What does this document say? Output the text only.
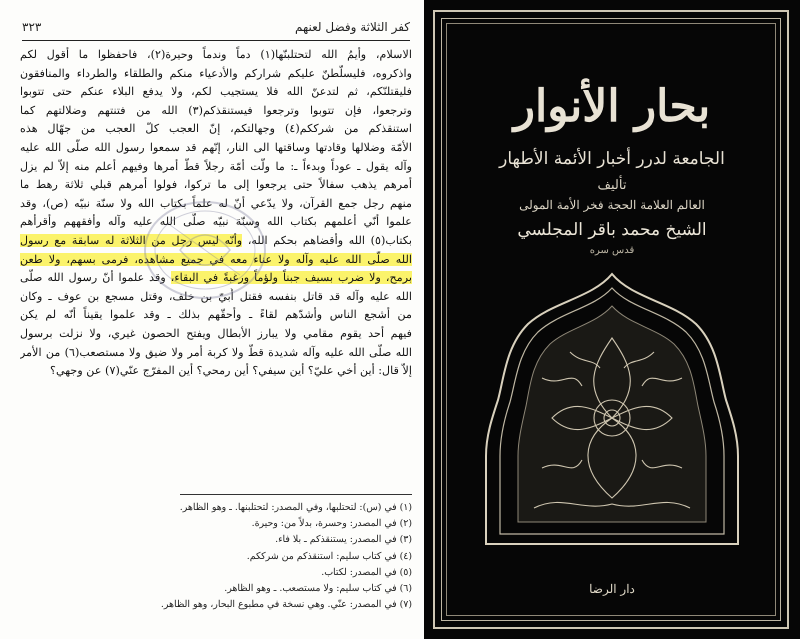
كفر الثلاثة وفضل لعنهم
٣٢٣
الاسلام، وأيمُ الله لتحتلبنّها(١) دماً وندماً وحيرة(٢)، فاحفظوا ما أقول لكم
واذكروه، فليسلّطنّ عليكم شراركم والأدعياء منكم والطلقاء والطرداء والمنافقون
فليقتلنّكم، ثم لتدعنّ الله فلا يستجيب لكم، ولا يدفع البلاء عنكم حتى تتوبوا
وترجعوا، فإن تتوبوا وترجعوا فيستنقذكم(٣) الله من فتنتهم وضلالتهم كما
استنقذكم من شرككم(٤) وجهالتكم، إنّ العجب كلّ العجب من جهّال هذه
الأمّة وضلالها وقادتها وساقتها الى النار، إنّهم قد سمعوا رسول الله صلّى الله عليه
وآله يقول ـ عوداً وبدءاً ـ: ما ولّت أمّة رجلاً قطّ أمرها وفيهم أعلم منه إلاّ لم يزل
أمرهم يذهب سفالاً حتى يرجعوا إلى ما تركوا، فولوا أمرهم قبلي ثلاثة رهط ما
منهم رجل جمع القرآن، ولا يدّعي أنّ له علماً بكتاب الله ولا سنّة نبيّه (ص)، وقد
علموا أنّي أعلمهم بكتاب الله وسنّة نبيّه صلّى الله عليه وآله وأفقههم وأقرأهم
بكتاب(٥) الله وأقضاهم بحكم الله، وأنّه ليس رجل من الثلاثة له سابقة مع رسول
الله صلّى الله عليه وآله ولا عناء معه في جميع مشاهده، فرمى بسهم، ولا طعن
برمح، ولا ضرب بسيف جبناً ولؤماً ورغبةً في البقاء، وقد علموا أنّ رسول الله صلّى
الله عليه وآله قد قاتل بنفسه فقتل أُبيّ بن خلف، وقتل مسجع بن عوف ـ وكان
من أشجع الناس وأشدّهم لقاءً ـ وأحقّهم بذلك ـ وقد علموا يقيناً أنّه لم يكن
فيهم أحد يقوم مقامي ولا يبارز الأبطال ويفتح الحصون غيري، ولا نزلت برسول
الله صلّى الله عليه وآله شديدة قطّ ولا كربة أمر ولا ضيق ولا مستصعب(٦) من الأمر
إلاّ قال: أين أخي عليّ؟ أين سيفي؟ أين رمحي؟ أين المفرّج عنّي(٧) عن وجهي؟
(١) في (س): لتحتلبها، وفي المصدر: لتحتلبنها. ـ وهو الظاهر.
(٢) في المصدر: وحسرة، بدلاً من: وحيرة.
(٣) في المصدر: يستنقذكم ـ بلا فاء.
(٤) في كتاب سليم: استنقذكم من شرككم.
(٥) في المصدر: لكتاب.
(٦) في كتاب سليم: ولا مستصعب. ـ وهو الظاهر.
(٧) في المصدر: عنّي. وهي نسخة في مطبوع البحار، وهو الظاهر.
بحار الأنوار
الجامعة لدرر أخبار الأئمة الأطهار
تأليف
العالم العلامة الحجة فخر الأمة المولى
الشيخ محمد باقر المجلسي
قدس سره
دار الرضا
